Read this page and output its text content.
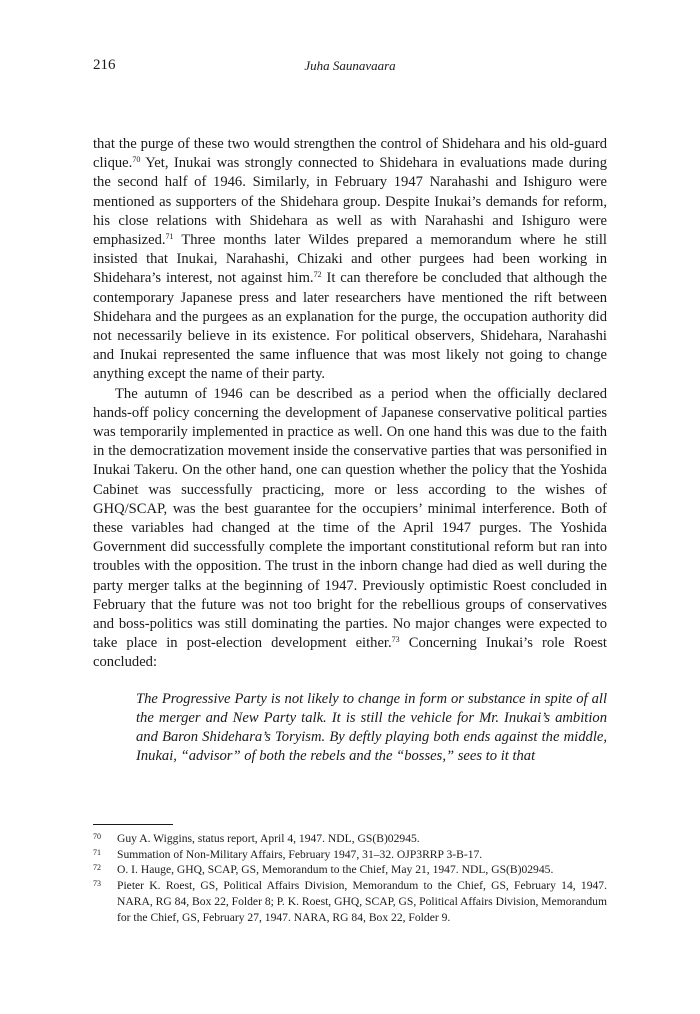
216	Juha Saunavaara

that the purge of these two would strengthen the control of Shidehara and his old-guard clique.$^{70}$ Yet, Inukai was strongly connected to Shidehara in evaluations made during the second half of 1946. Similarly, in February 1947 Narahashi and Ishiguro were mentioned as supporters of the Shidehara group. Despite Inukai’s demands for reform, his close relations with Shidehara as well as with Narahashi and Ishiguro were emphasized.$^{71}$ Three months later Wildes prepared a memorandum where he still insisted that Inukai, Narahashi, Chizaki and other purgees had been working in Shidehara’s interest, not against him.$^{72}$ It can therefore be concluded that although the contemporary Japanese press and later researchers have mentioned the rift between Shidehara and the purgees as an explanation for the purge, the occupation authority did not necessarily believe in its existence. For political observers, Shidehara, Narahashi and Inukai represented the same influence that was most likely not going to change anything except the name of their party.

The autumn of 1946 can be described as a period when the officially declared hands-off policy concerning the development of Japanese conservative political parties was temporarily implemented in practice as well. On one hand this was due to the faith in the democratization movement inside the conservative parties that was personified in Inukai Takeru. On the other hand, one can question whether the policy that the Yoshida Cabinet was successfully practicing, more or less according to the wishes of GHQ/SCAP, was the best guarantee for the occupiers’ minimal interference. Both of these variables had changed at the time of the April 1947 purges. The Yoshida Government did successfully complete the important constitutional reform but ran into troubles with the opposition. The trust in the inborn change had died as well during the party merger talks at the beginning of 1947. Previously optimistic Roest concluded in February that the future was not too bright for the rebellious groups of conservatives and boss-politics was still dominating the parties. No major changes were expected to take place in post-election development either.$^{73}$ Concerning Inukai’s role Roest concluded:

The Progressive Party is not likely to change in form or substance in spite of all the merger and New Party talk. It is still the vehicle for Mr. Inukai’s ambition and Baron Shidehara’s Toryism. By deftly playing both ends against the middle, Inukai, “advisor” of both the rebels and the “bosses,” sees to it that
70	Guy A. Wiggins, status report, April 4, 1947. NDL, GS(B)02945.
71	Summation of Non-Military Affairs, February 1947, 31–32. OJP3RRP 3-B-17.
72	O. I. Hauge, GHQ, SCAP, GS, Memorandum to the Chief, May 21, 1947. NDL, GS(B)02945.
73	Pieter K. Roest, GS, Political Affairs Division, Memorandum to the Chief, GS, February 14, 1947. NARA, RG 84, Box 22, Folder 8; P. K. Roest, GHQ, SCAP, GS, Political Affairs Division, Memorandum for the Chief, GS, February 27, 1947. NARA, RG 84, Box 22, Folder 9.
